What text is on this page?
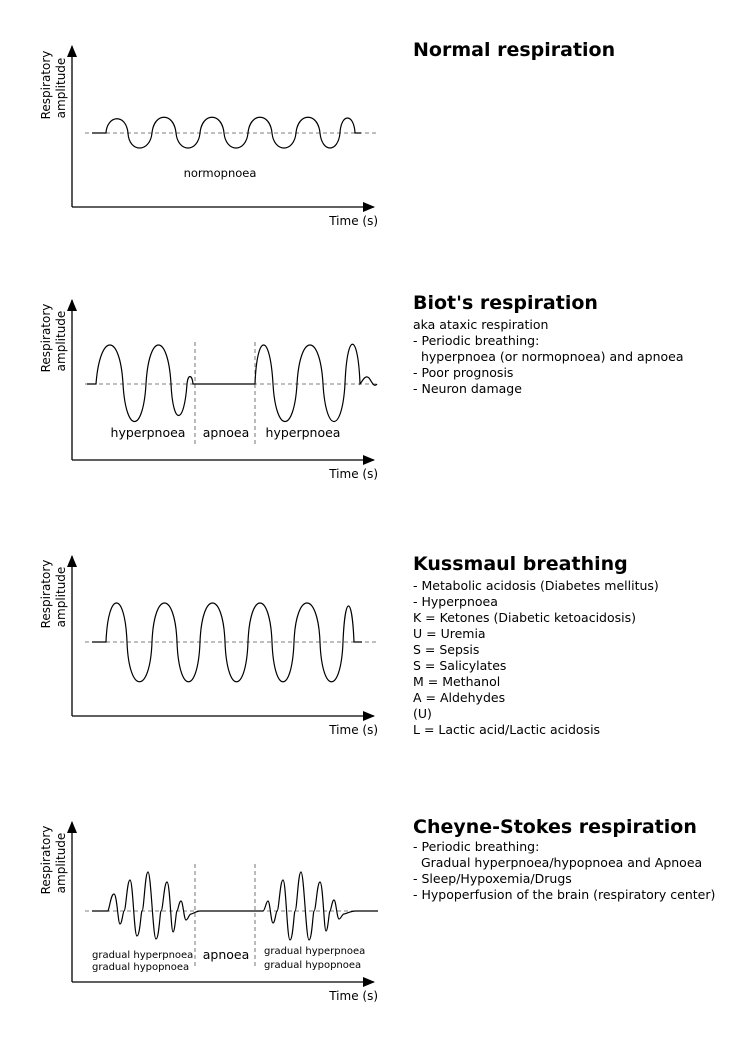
Respiratory amplitude
Time (s)
normopnoea
Normal respiration
Respiratory amplitude
Time (s)
hyperpnoea apnoea hyperpnoea
Biot's respiration
aka ataxic respiration
- Periodic breathing:
hyperpnoea (or normopnoea) and apnoea
- Poor prognosis
- Neuron damage
Respiratory amplitude
Time (s)
Kussmaul breathing
- Metabolic acidosis (Diabetes mellitus)
- Hyperpnoea
K = Ketones (Diabetic ketoacidosis)
U = Uremia
S = Sepsis
S = Salicylates
M = Methanol
A = Aldehydes
(U)
L = Lactic acid/Lactic acidosis
Respiratory amplitude
Time (s)
gradual hyperpnoea
gradual hypopnoea
apnoea gradual hyperpnoea
gradual hypopnoea
Cheyne-Stokes respiration
- Periodic breathing:
Gradual hyperpnoea/hypopnoea and Apnoea
- Sleep/Hypoxemia/Drugs
- Hypoperfusion of the brain (respiratory center)
